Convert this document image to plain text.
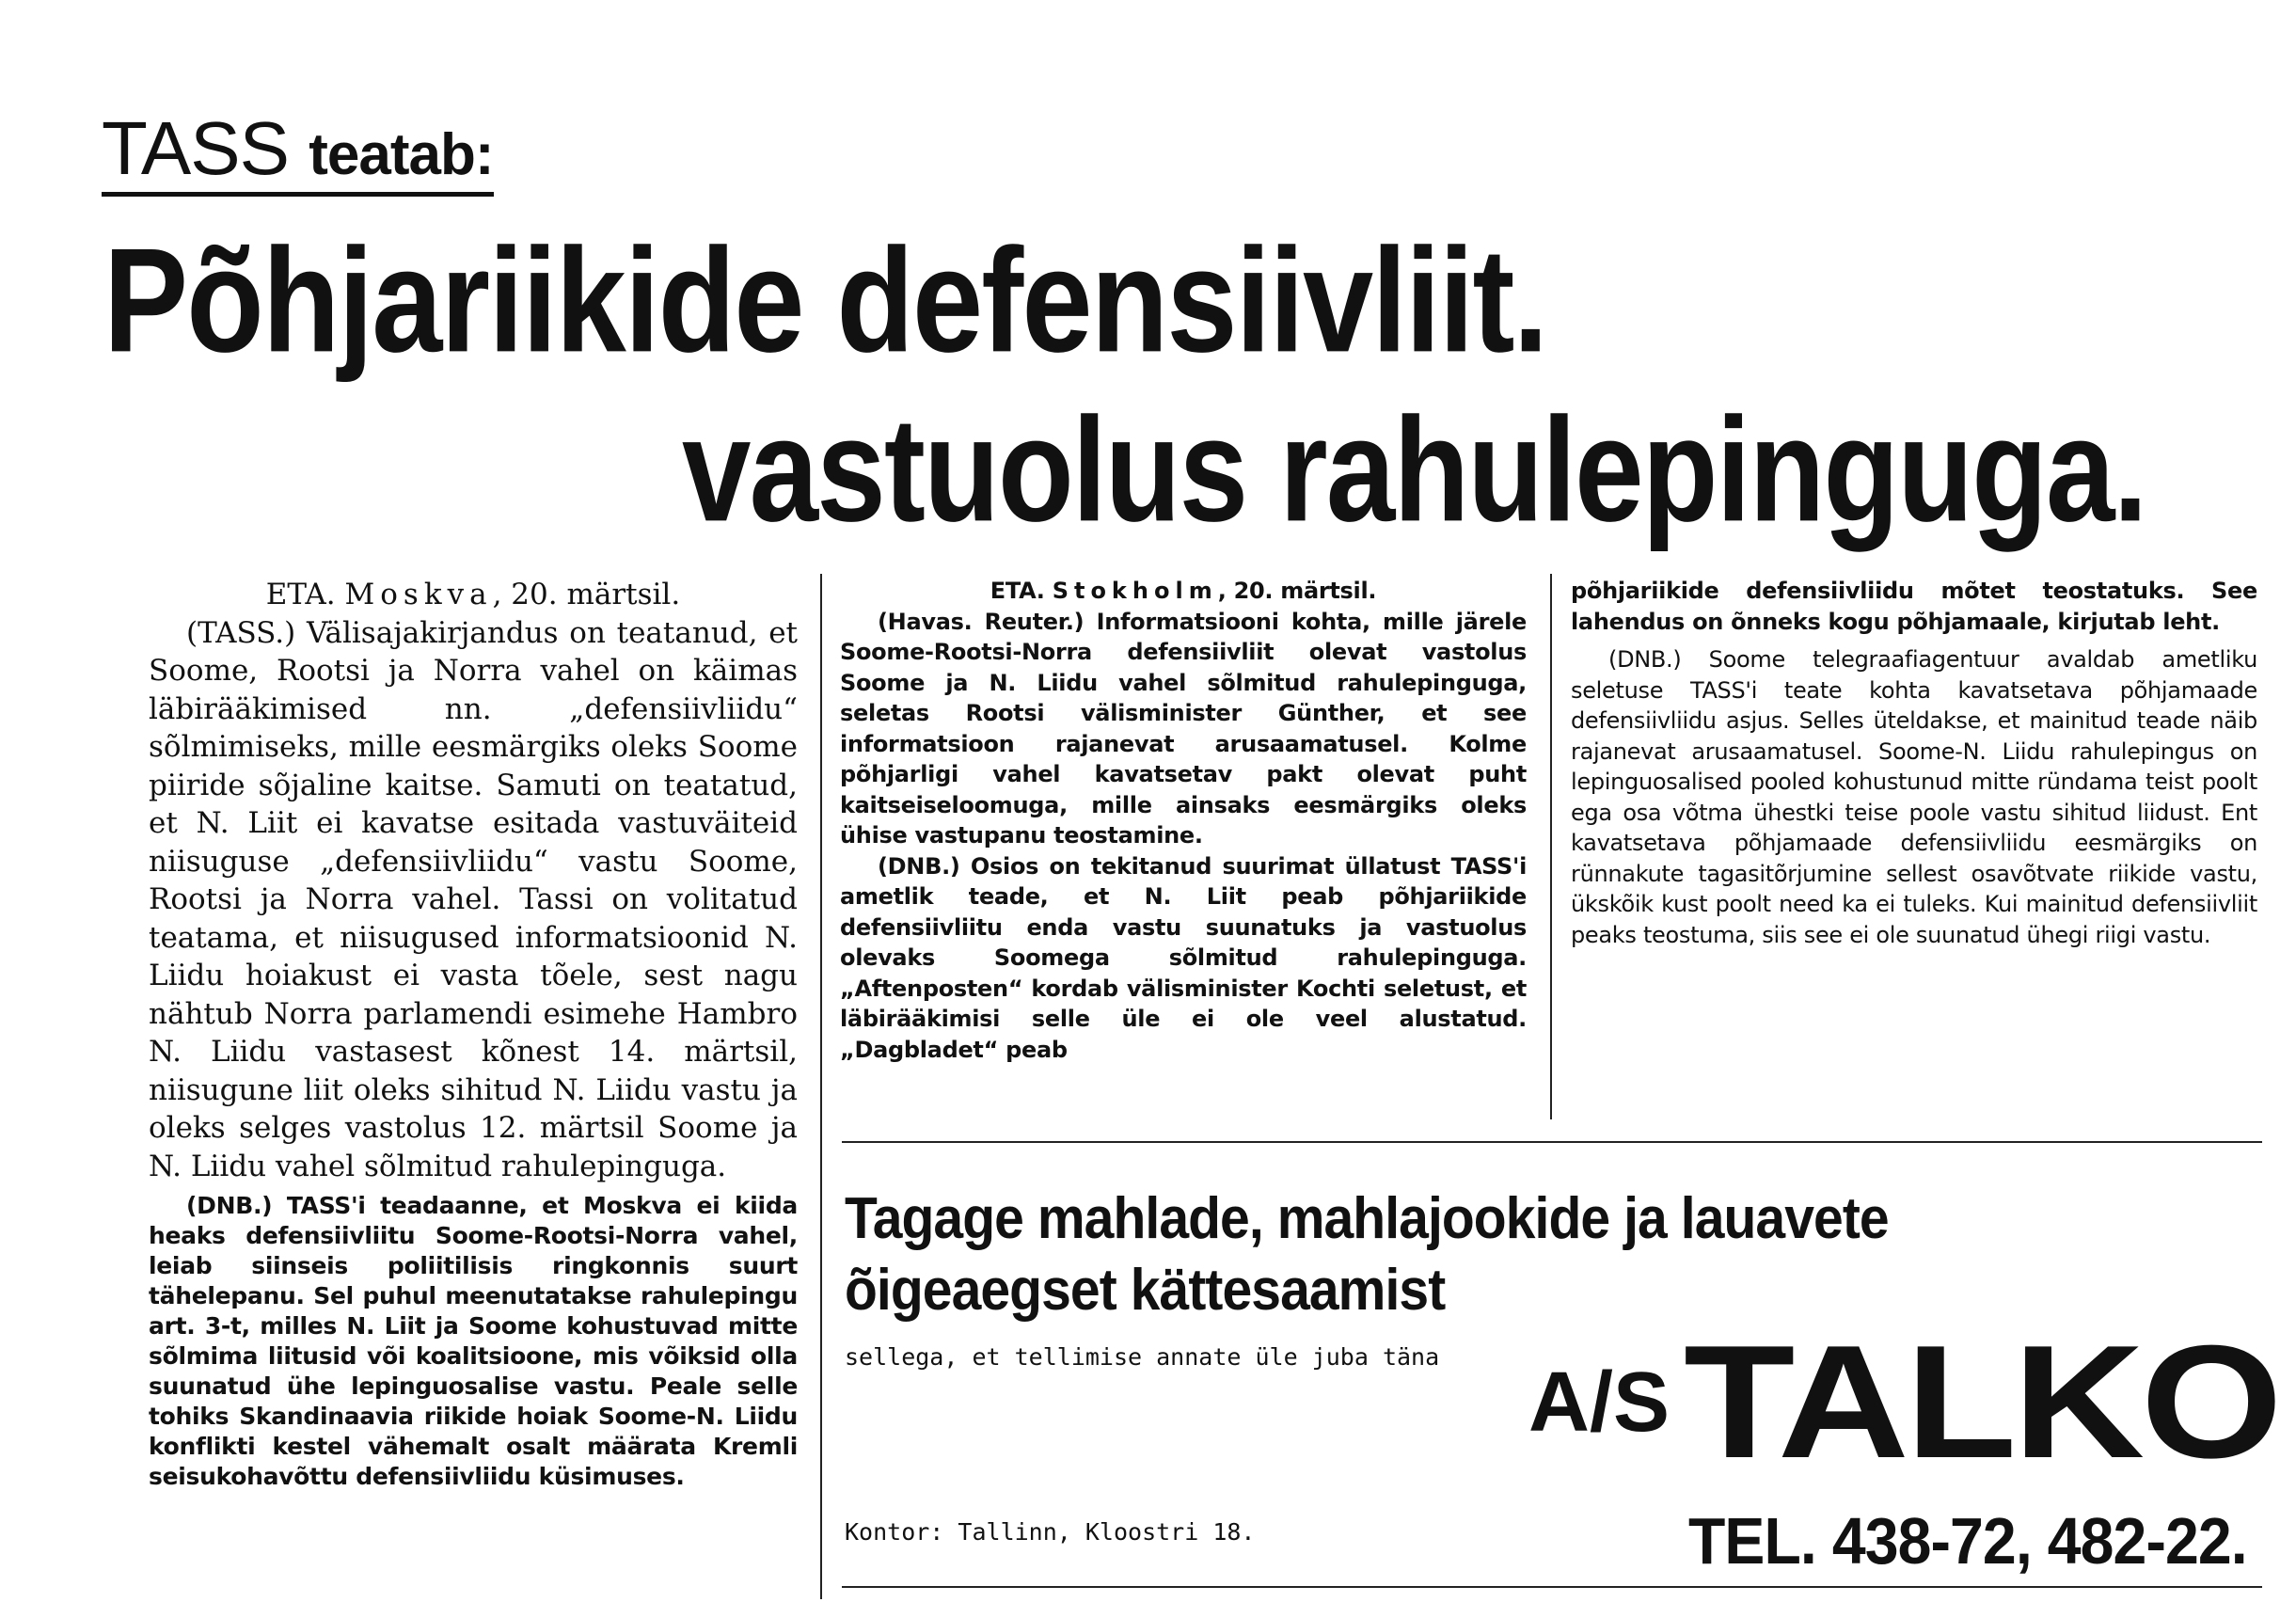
TASS teatab:
Põhjariikide defensiivliit.
vastuolus rahulepinguga.

ETA. Moskva, 20. märtsil.

(TASS.) Välisajakirjandus on teatanud, et Soome, Rootsi ja Norra vahel on käimas läbirääkimised nn. „defensiivliidu“ sõlmimiseks, mille eesmärgiks oleks Soome piiride sõjaline kaitse. Samuti on teatatud, et N. Liit ei kavatse esitada vastuväiteid niisuguse „defensiivliidu“ vastu Soome, Rootsi ja Norra vahel. Tassi on volitatud teatama, et niisugused informatsioonid N. Liidu hoiakust ei vasta tõele, sest nagu nähtub Norra parlamendi esimehe Hambro N. Liidu vastasest kõnest 14. märtsil, niisugune liit oleks sihitud N. Liidu vastu ja oleks selges vastolus 12. märtsil Soome ja N. Liidu vahel sõlmitud rahulepinguga.

(DNB.) TASS'i teadaanne, et Moskva ei kiida heaks defensiivliitu Soome-Rootsi-Norra vahel, leiab siinseis poliitilisis ringkonnis suurt tähelepanu. Sel puhul meenutatakse rahulepingu art. 3-t, milles N. Liit ja Soome kohustuvad mitte sõlmima liitusid või koalitsioone, mis võiksid olla suunatud ühe lepinguosalise vastu. Peale selle tohiks Skandinaavia riikide hoiak Soome-N. Liidu konflikti kestel vähemalt osalt määrata Kremli seisukohavõttu defensiivliidu küsimuses.

ETA. Stokholm, 20. märtsil.

(Havas. Reuter.) Informatsiooni kohta, mille järele Soome-Rootsi-Norra defensiivliit olevat vastolus Soome ja N. Liidu vahel sõlmitud rahulepinguga, seletas Rootsi välisminister Günther, et see informatsioon rajanevat arusaamatusel. Kolme põhjarligi vahel kavatsetav pakt olevat puht kaitseiseloomuga, mille ainsaks eesmärgiks oleks ühise vastupanu teostamine.

(DNB.) Osios on tekitanud suurimat üllatust TASS'i ametlik teade, et N. Liit peab põhjariikide defensiivliitu enda vastu suunatuks ja vastuolus olevaks Soomega sõlmitud rahulepinguga. „Aftenposten“ kordab välisminister Kochti seletust, et läbirääkimisi selle üle ei ole veel alustatud. „Dagbladet“ peab

põhjariikide defensiivliidu mõtet teostatuks. See lahendus on õnneks kogu põhjamaale, kirjutab leht.

(DNB.) Soome telegraafiagentuur avaldab ametliku seletuse TASS'i teate kohta kavatsetava põhjamaade defensiivliidu asjus. Selles üteldakse, et mainitud teade näib rajanevat arusaamatusel. Soome-N. Liidu rahulepingus on lepinguosalised pooled kohustunud mitte ründama teist poolt ega osa võtma ühestki teise poole vastu sihitud liidust. Ent kavatsetava põhjamaade defensiivliidu eesmärgiks on rünnakute tagasitõrjumine sellest osavõtvate riikide vastu, ükskõik kust poolt need ka ei tuleks. Kui mainitud defensiivliit peaks teostuma, siis see ei ole suunatud ühegi riigi vastu.

Tagage mahlade, mahlajookide ja lauavete õigeaegset kättesaamist
sellega, et tellimise annate üle juba täna
Kontor: Tallinn, Kloostri 18.
A/S TALKO
TEL. 438-72, 482-22.
